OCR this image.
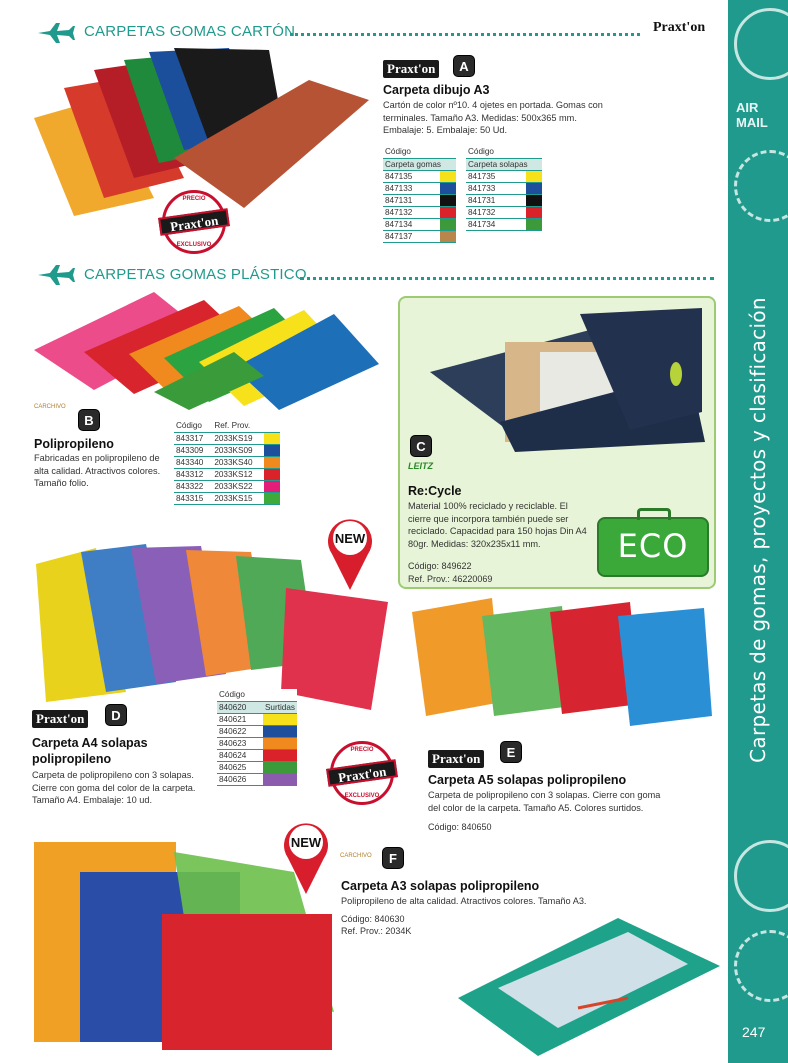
AIR MAIL
Carpetas de gomas, proyectos y clasificación
247
CARPETAS GOMAS CARTÓN	Praxt'on
PRECIO
Praxt'on
EXCLUSIVO
Praxt'on	A
Carpeta dibujo A3
Cartón de color nº10. 4 ojetes en portada. Gomas con terminales. Tamaño A3. Medidas: 500x365 mm. Embalaje: 5. Embalaje: 50 Ud.
Código	
Carpeta gomas	
847135	
847133	
847131	
847132	
847134	
847137	
Código	
Carpeta solapas	
841735	
841733	
841731	
841732	
841734	
CARPETAS GOMAS PLÁSTICO
CARCHIVO
B
Polipropileno
Fabricadas en polipropileno de alta calidad. Atractivos colores. Tamaño folio.
Código	Ref. Prov.	
843317	2033KS19	
843309	2033KS09	
843340	2033KS40	
843312	2033KS12	
843322	2033KS22	
843315	2033KS15	
C
LEITZ
Re:Cycle
Material 100% reciclado y reciclable. El cierre que incorpora también puede ser reciclado. Capacidad para 150 hojas Din A4 80gr. Medidas: 320x235x11 mm.
Código: 849622
Ref. Prov.: 46220069
ECO
NEW
Praxt'on	D
Carpeta A4 solapas polipropileno
Carpeta de polipropileno con 3 solapas. Cierre con goma del color de la carpeta. Tamaño A4. Embalaje: 10 ud.
Código	
840620	Surtidas
840621	
840622	
840623	
840624	
840625	
840626	
PRECIO
Praxt'on
EXCLUSIVO
Praxt'on	E
Carpeta A5 solapas polipropileno
Carpeta de polipropileno con 3 solapas. Cierre con goma del color de la carpeta. Tamaño A5. Colores surtidos.
Código: 840650
NEW
CARCHIVO	F
Carpeta A3 solapas polipropileno
Polipropileno de alta calidad. Atractivos colores. Tamaño A3.
Código: 840630
Ref. Prov.: 2034K
